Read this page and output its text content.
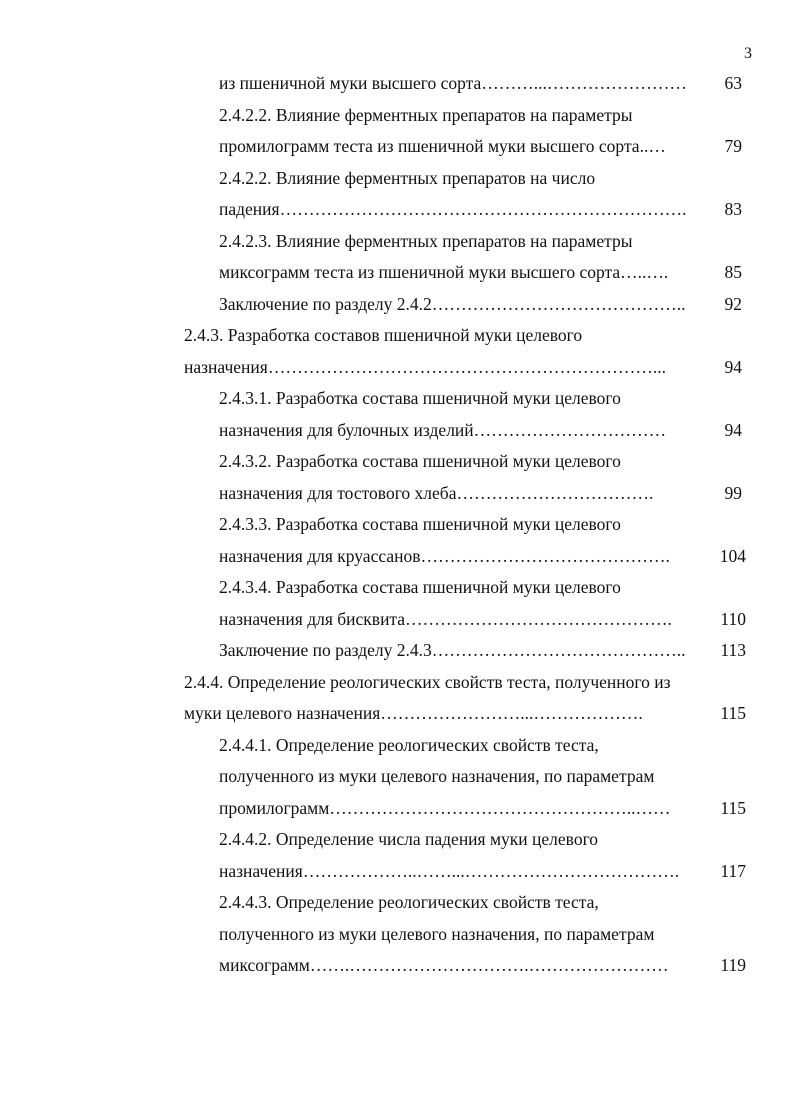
3
из пшеничной муки высшего сорта………...……………………	63
2.4.2.2. Влияние ферментных препаратов на параметры
промилограмм теста из пшеничной муки высшего сорта..…	79
2.4.2.2. Влияние ферментных препаратов на число
падения…………………………………………………………….	83
2.4.2.3. Влияние ферментных препаратов на параметры
миксограмм теста из пшеничной муки высшего сорта…..….	85
Заключение по разделу 2.4.2……………………………………..	92
2.4.3. Разработка составов пшеничной муки целевого
назначения…………………………………………………………...	94
2.4.3.1. Разработка состава пшеничной муки целевого
назначения для булочных изделий……………………………	94
2.4.3.2. Разработка состава пшеничной муки целевого
назначения для тостового хлеба…………………………….	99
2.4.3.3. Разработка состава пшеничной муки целевого
назначения для круассанов…………………………………….	104
2.4.3.4. Разработка состава пшеничной муки целевого
назначения для бисквита……………………………………….	110
Заключение по разделу 2.4.3……………………………………..	113
2.4.4. Определение реологических свойств теста, полученного из
муки целевого назначения……………………...……………….	115
2.4.4.1. Определение реологических свойств теста,
полученного из муки целевого назначения, по параметрам
промилограмм……………………………………………..……	115
2.4.4.2. Определение числа падения муки целевого
назначения………………..……...……………………………….	117
2.4.4.3. Определение реологических свойств теста,
полученного из муки целевого назначения, по параметрам
миксограмм…….………………………….……………………	119
